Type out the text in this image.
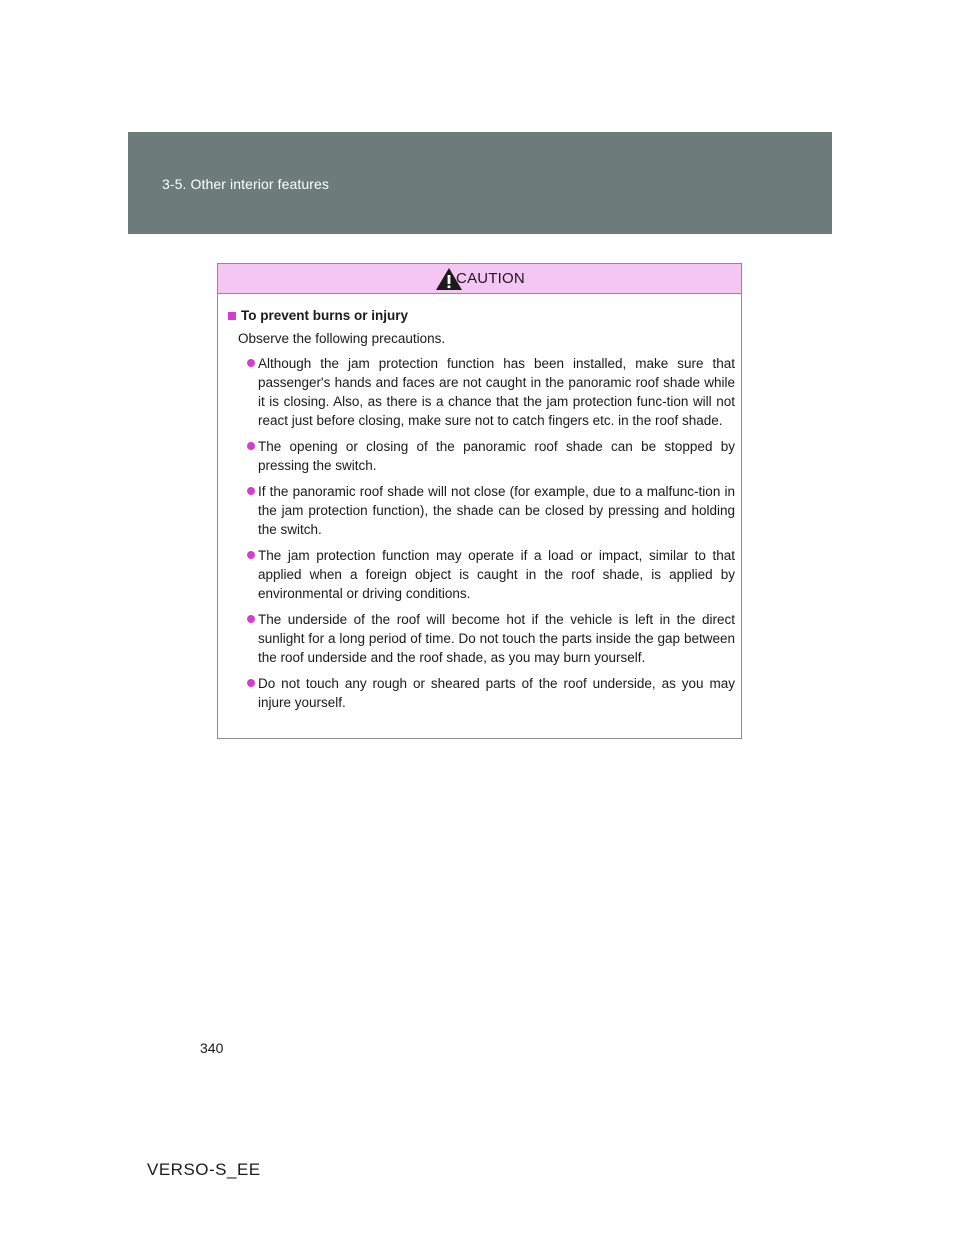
3-5. Other interior features
CAUTION
To prevent burns or injury
Observe the following precautions.
Although the jam protection function has been installed, make sure that passenger's hands and faces are not caught in the panoramic roof shade while it is closing. Also, as there is a chance that the jam protection func-tion will not react just before closing, make sure not to catch fingers etc. in the roof shade.
The opening or closing of the panoramic roof shade can be stopped by pressing the switch.
If the panoramic roof shade will not close (for example, due to a malfunc-tion in the jam protection function), the shade can be closed by pressing and holding the switch.
The jam protection function may operate if a load or impact, similar to that applied when a foreign object is caught in the roof shade, is applied by environmental or driving conditions.
The underside of the roof will become hot if the vehicle is left in the direct sunlight for a long period of time. Do not touch the parts inside the gap between the roof underside and the roof shade, as you may burn yourself.
Do not touch any rough or sheared parts of the roof underside, as you may injure yourself.
340
VERSO-S_EE
